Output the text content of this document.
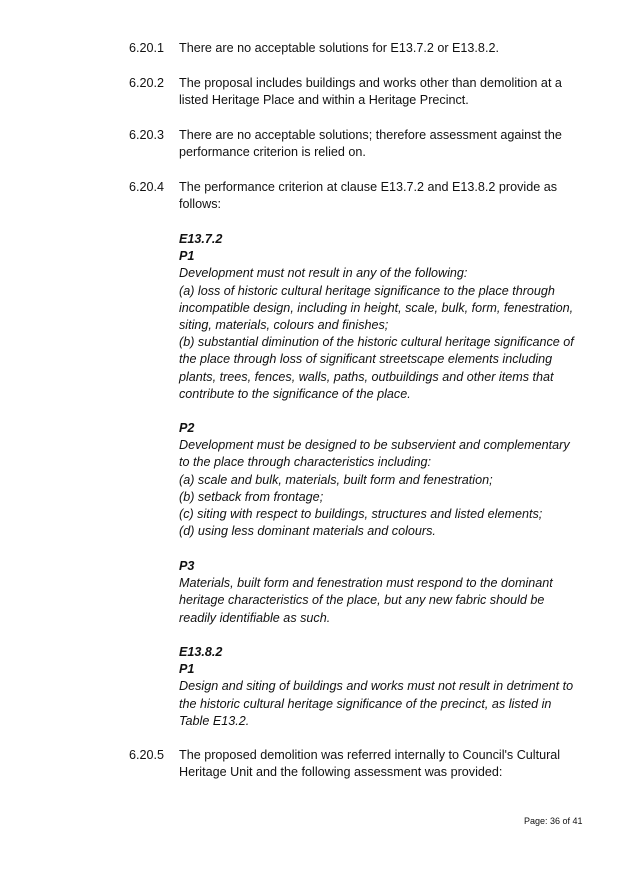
6.20.1	There are no acceptable solutions for E13.7.2 or E13.8.2.
6.20.2	The proposal includes buildings and works other than demolition at a
listed Heritage Place and within a Heritage Precinct.
6.20.3	There are no acceptable solutions; therefore assessment against the
performance criterion is relied on.
6.20.4	The performance criterion at clause E13.7.2 and E13.8.2 provide as
follows:
E13.7.2
P1
Development must not result in any of the following:
(a) loss of historic cultural heritage significance to the place through
incompatible design, including in height, scale, bulk, form, fenestration,
siting, materials, colours and finishes;
(b) substantial diminution of the historic cultural heritage significance of
the place through loss of significant streetscape elements including
plants, trees, fences, walls, paths, outbuildings and other items that
contribute to the significance of the place.
P2
Development must be designed to be subservient and complementary
to the place through characteristics including:
(a) scale and bulk, materials, built form and fenestration;
(b) setback from frontage;
(c) siting with respect to buildings, structures and listed elements;
(d) using less dominant materials and colours.
P3
Materials, built form and fenestration must respond to the dominant
heritage characteristics of the place, but any new fabric should be
readily identifiable as such.
E13.8.2
P1
Design and siting of buildings and works must not result in detriment to
the historic cultural heritage significance of the precinct, as listed in
Table E13.2.
6.20.5	The proposed demolition was referred internally to Council's Cultural
Heritage Unit and the following assessment was provided:
Page: 36 of 41
